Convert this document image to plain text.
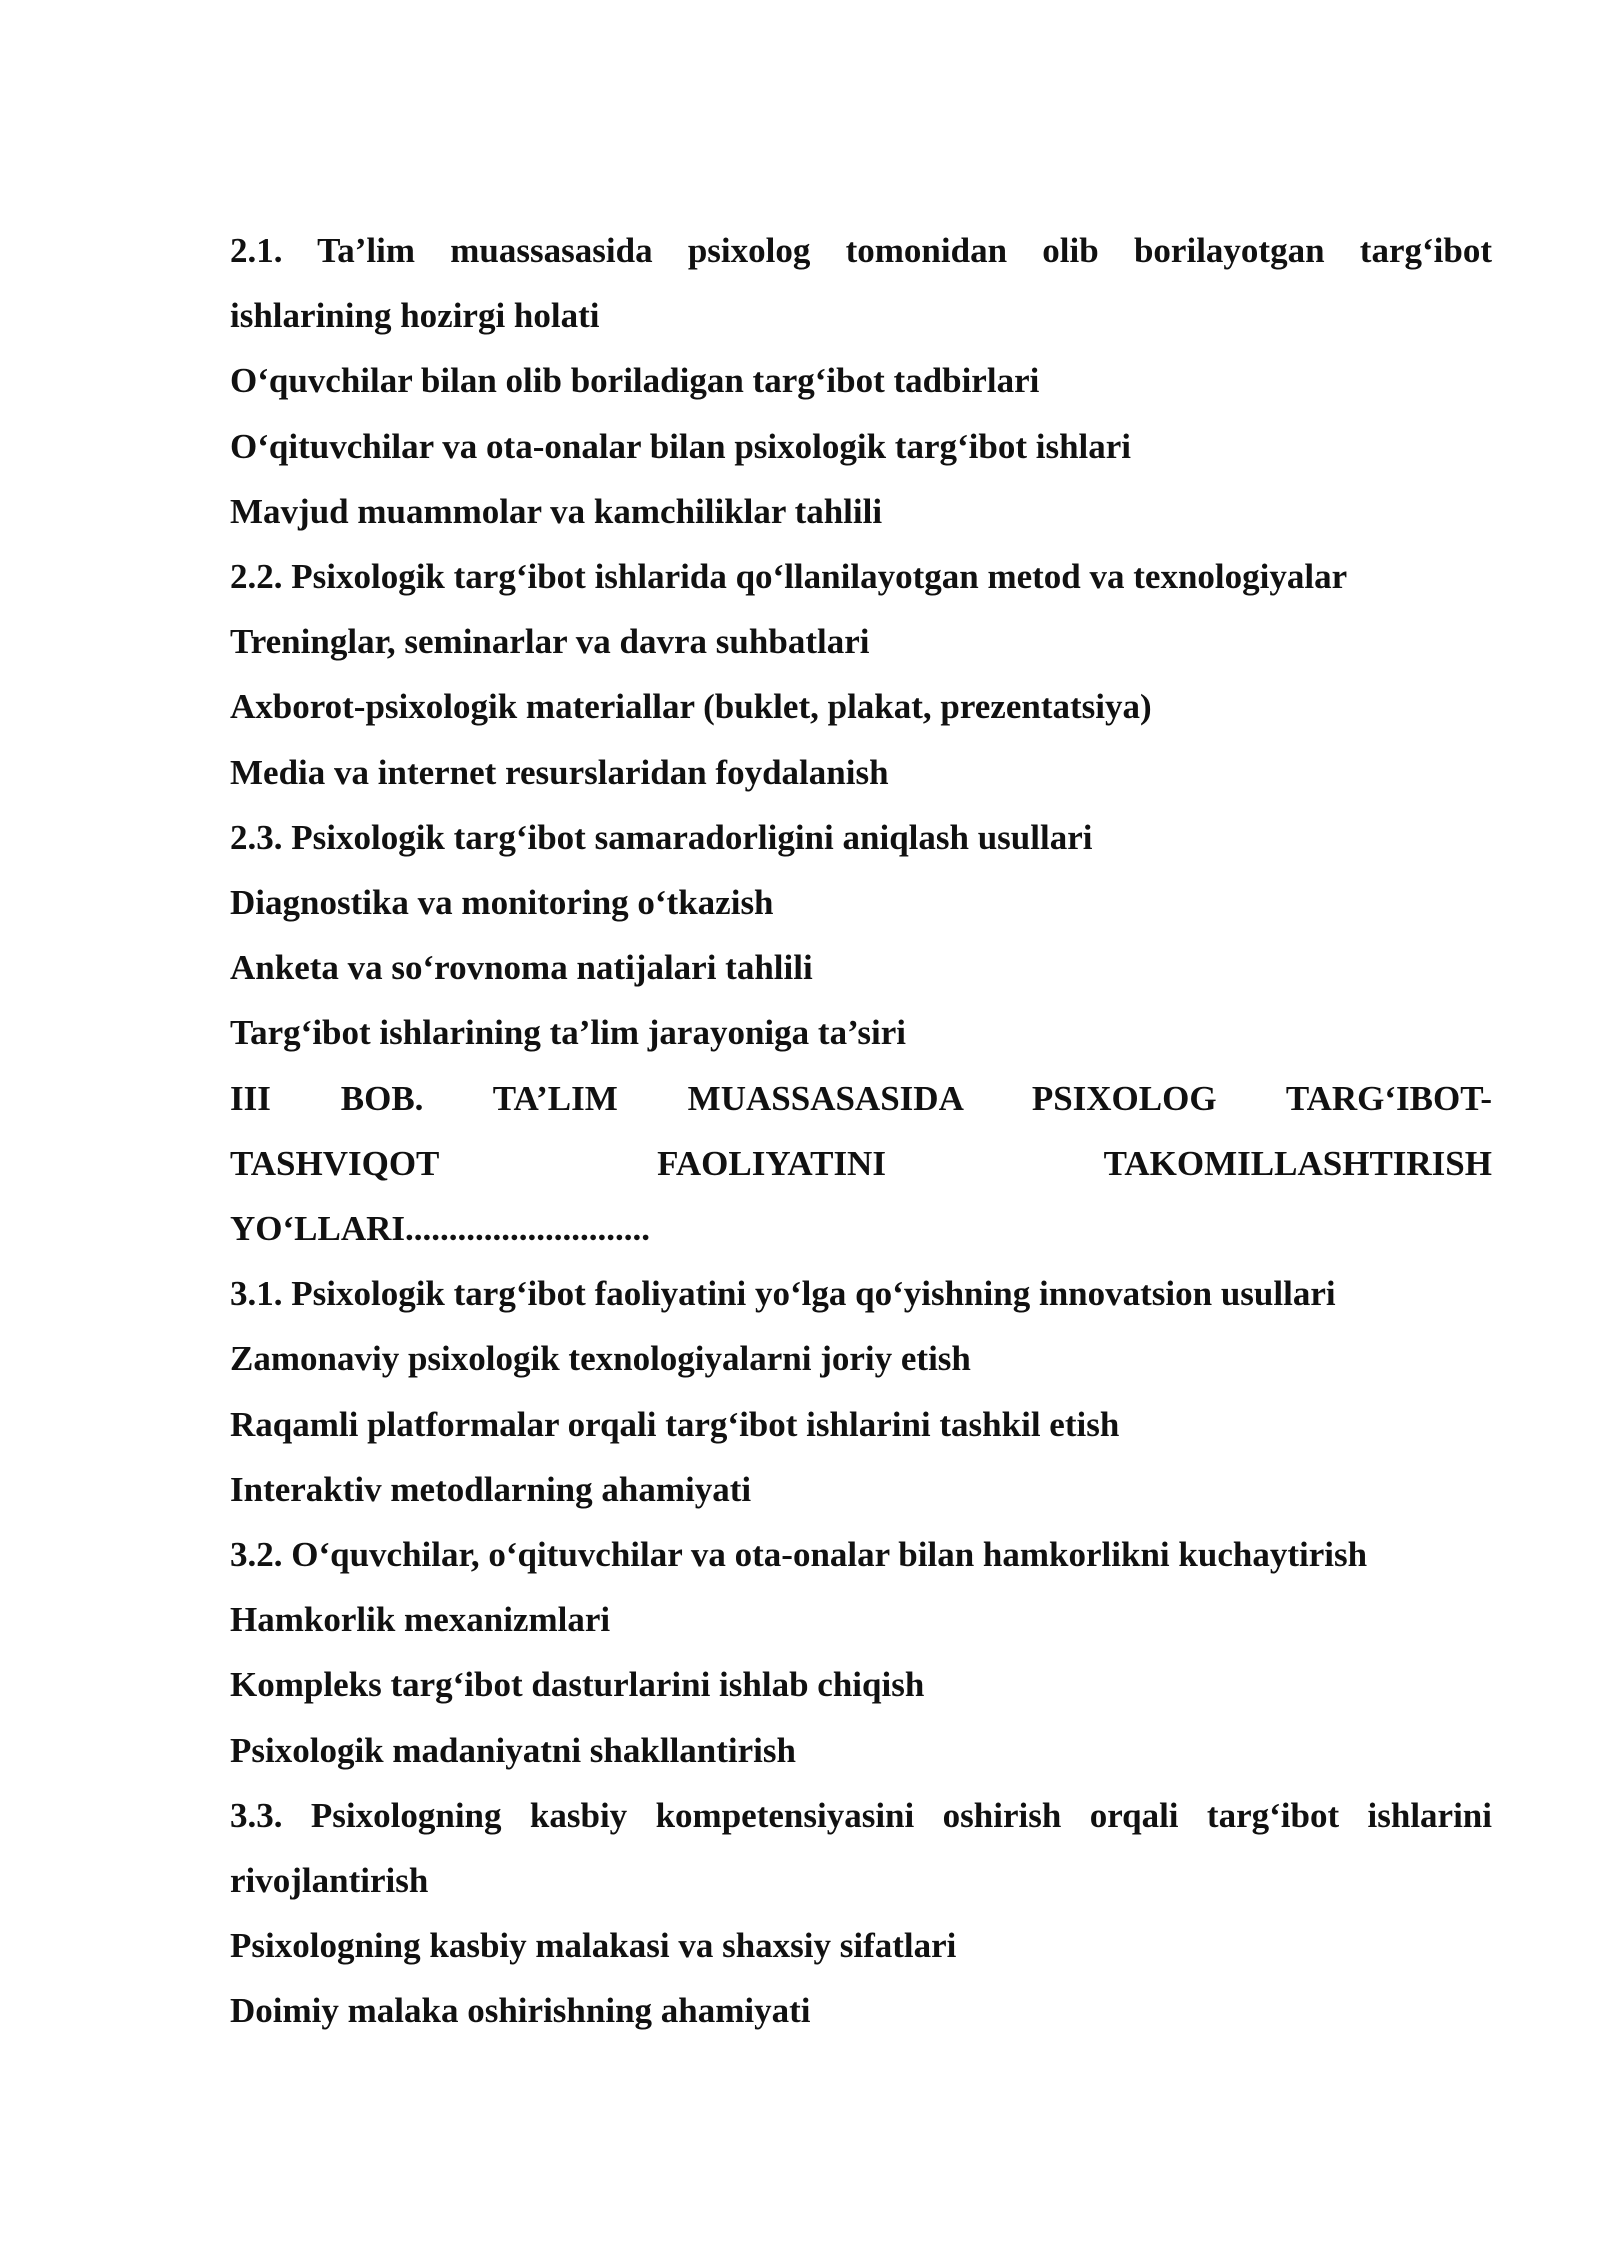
2.1. Ta’lim muassasasida psixolog tomonidan olib borilayotgan targ‘ibot

ishlarining hozirgi holati

O‘quvchilar bilan olib boriladigan targ‘ibot tadbirlari

O‘qituvchilar va ota-onalar bilan psixologik targ‘ibot ishlari

Mavjud muammolar va kamchiliklar tahlili

2.2. Psixologik targ‘ibot ishlarida qo‘llanilayotgan metod va texnologiyalar

Treninglar, seminarlar va davra suhbatlari

Axborot-psixologik materiallar (buklet, plakat, prezentatsiya)

Media va internet resurslaridan foydalanish

2.3. Psixologik targ‘ibot samaradorligini aniqlash usullari

Diagnostika va monitoring o‘tkazish

Anketa va so‘rovnoma natijalari tahlili

Targ‘ibot ishlarining ta’lim jarayoniga ta’siri

III BOB. TA’LIM MUASSASASIDA PSIXOLOG TARG‘IBOT-
TASHVIQOT FAOLIYATINI TAKOMILLASHTIRISH
YO‘LLARI............................

3.1. Psixologik targ‘ibot faoliyatini yo‘lga qo‘yishning innovatsion usullari

Zamonaviy psixologik texnologiyalarni joriy etish

Raqamli platformalar orqali targ‘ibot ishlarini tashkil etish

Interaktiv metodlarning ahamiyati

3.2. O‘quvchilar, o‘qituvchilar va ota-onalar bilan hamkorlikni kuchaytirish

Hamkorlik mexanizmlari

Kompleks targ‘ibot dasturlarini ishlab chiqish

Psixologik madaniyatni shakllantirish

3.3. Psixologning kasbiy kompetensiyasini oshirish orqali targ‘ibot ishlarini

rivojlantirish

Psixologning kasbiy malakasi va shaxsiy sifatlari

Doimiy malaka oshirishning ahamiyati
